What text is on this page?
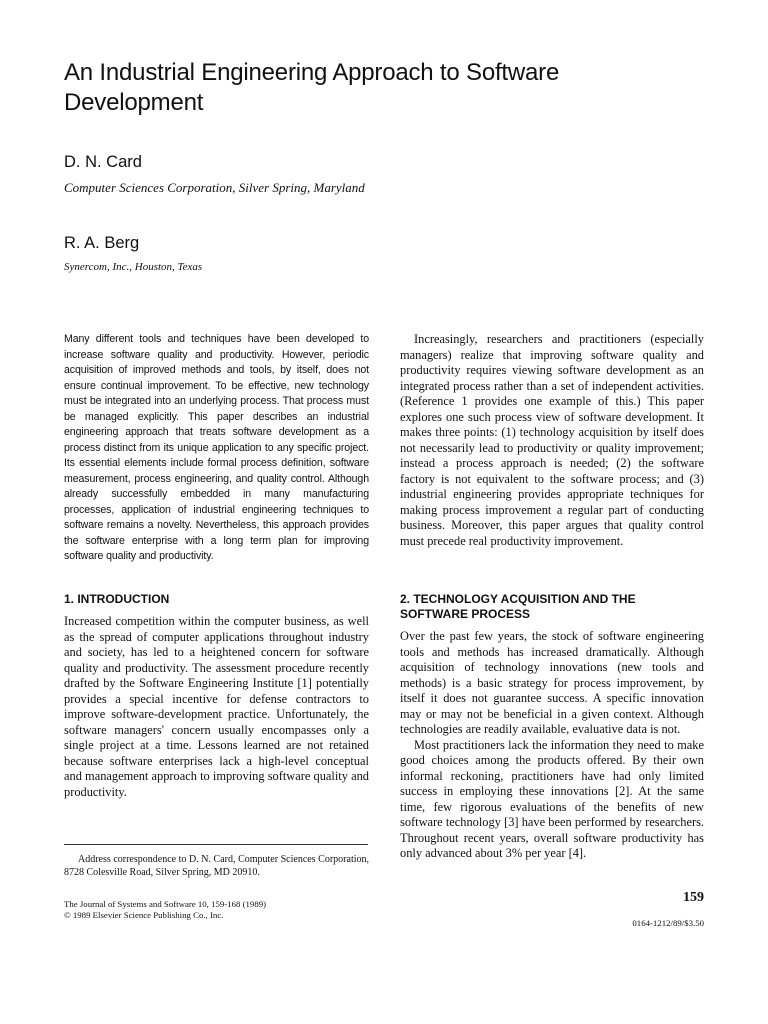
An Industrial Engineering Approach to Software Development

D. N. Card

Computer Sciences Corporation, Silver Spring, Maryland

R. A. Berg

Synercom, Inc., Houston, Texas

Many different tools and techniques have been developed to increase software quality and productivity. However, periodic acquisition of improved methods and tools, by itself, does not ensure continual improvement. To be effective, new technology must be integrated into an underlying process. That process must be managed explicitly. This paper describes an industrial engineering approach that treats software development as a process distinct from its unique application to any specific project. Its essential elements include formal process definition, software measurement, process engineering, and quality control. Although already successfully embedded in many manufacturing processes, application of industrial engineering techniques to software remains a novelty. Nevertheless, this approach provides the software enterprise with a long term plan for improving software quality and productivity.

Increasingly, researchers and practitioners (especially managers) realize that improving software quality and productivity requires viewing software development as an integrated process rather than a set of independent activities. (Reference 1 provides one example of this.) This paper explores one such process view of software development. It makes three points: (1) technology acquisition by itself does not necessarily lead to productivity or quality improvement; instead a process approach is needed; (2) the software factory is not equivalent to the software process; and (3) industrial engineering provides appropriate techniques for making process improvement a regular part of conducting business. Moreover, this paper argues that quality control must precede real productivity improvement.

1. INTRODUCTION

Increased competition within the computer business, as well as the spread of computer applications throughout industry and society, has led to a heightened concern for software quality and productivity. The assessment procedure recently drafted by the Software Engineering Institute [1] potentially provides a special incentive for defense contractors to improve software-development practice. Unfortunately, the software managers' concern usually encompasses only a single project at a time. Lessons learned are not retained because software enterprises lack a high-level conceptual and management approach to improving software quality and productivity.

2. TECHNOLOGY ACQUISITION AND THE SOFTWARE PROCESS

Over the past few years, the stock of software engineering tools and methods has increased dramatically. Although acquisition of technology innovations (new tools and methods) is a basic strategy for process improvement, by itself it does not guarantee success. A specific innovation may or may not be beneficial in a given context. Although technologies are readily available, evaluative data is not.

Most practitioners lack the information they need to make good choices among the products offered. By their own informal reckoning, practitioners have had only limited success in employing these innovations [2]. At the same time, few rigorous evaluations of the benefits of new software technology [3] have been performed by researchers. Throughout recent years, overall software productivity has only advanced about 3% per year [4].

Address correspondence to D. N. Card, Computer Sciences Corporation, 8728 Colesville Road, Silver Spring, MD 20910.

The Journal of Systems and Software 10, 159-168 (1989)

© 1989 Elsevier Science Publishing Co., Inc.

159

0164-1212/89/$3.50
